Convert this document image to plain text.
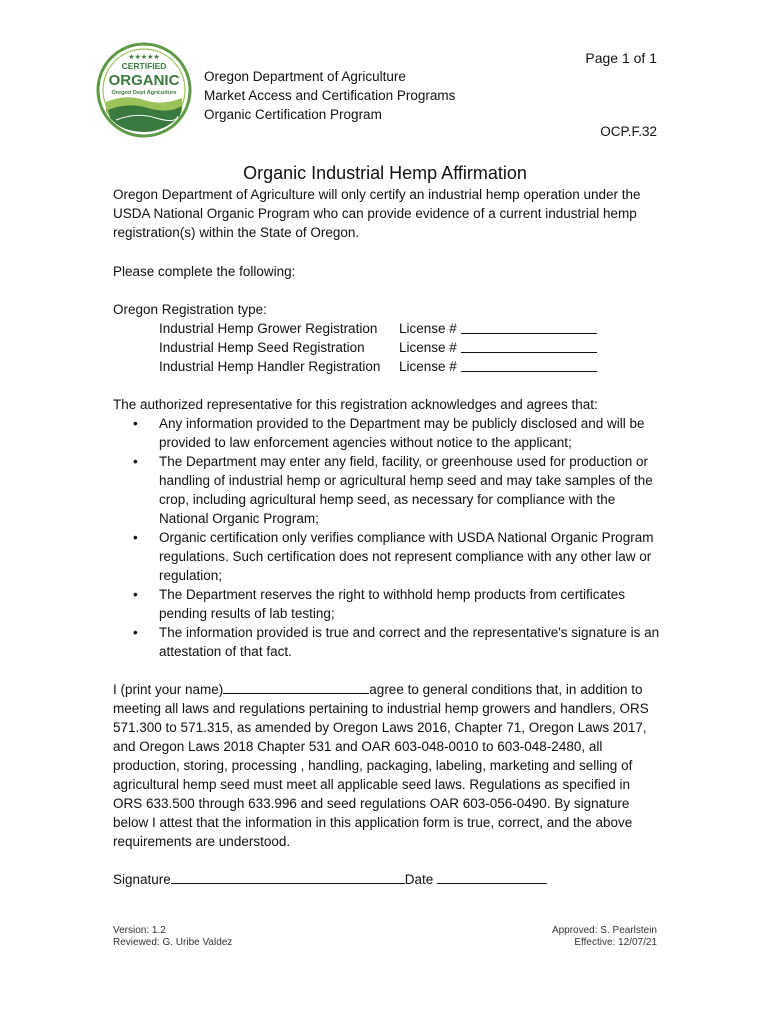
★★★★★
CERTIFIED
ORGANIC
Oregon Dept Agriculture
Page 1 of 1
Oregon Department of Agriculture
Market Access and Certification Programs
Organic Certification Program
OCP.F.32
Organic Industrial Hemp Affirmation

Oregon Department of Agriculture will only certify an industrial hemp operation under the USDA National Organic Program who can provide evidence of a current industrial hemp registration(s) within the State of Oregon.

Please complete the following:

Oregon Registration type:

Industrial Hemp Grower Registration	License #

Industrial Hemp Seed Registration	License #

Industrial Hemp Handler Registration	License #

The authorized representative for this registration acknowledges and agrees that:

• Any information provided to the Department may be publicly disclosed and will be provided to law enforcement agencies without notice to the applicant;
• The Department may enter any field, facility, or greenhouse used for production or handling of industrial hemp or agricultural hemp seed and may take samples of the crop, including agricultural hemp seed, as necessary for compliance with the National Organic Program;
• Organic certification only verifies compliance with USDA National Organic Program regulations. Such certification does not represent compliance with any other law or regulation;
• The Department reserves the right to withhold hemp products from certificates pending results of lab testing;
• The information provided is true and correct and the representative's signature is an attestation of that fact.

I (print your name)	agree to general conditions that, in addition to meeting all laws and regulations pertaining to industrial hemp growers and handlers, ORS 571.300 to 571.315, as amended by Oregon Laws 2016, Chapter 71, Oregon Laws 2017, and Oregon Laws 2018 Chapter 531 and OAR 603-048-0010 to 603-048-2480, all production, storing, processing , handling, packaging, labeling, marketing and selling of agricultural hemp seed must meet all applicable seed laws. Regulations as specified in ORS 633.500 through 633.996 and seed regulations OAR 603-056-0490. By signature below I attest that the information in this application form is true, correct, and the above requirements are understood.

Signature	Date
Version: 1.2
Reviewed: G. Uribe Valdez
Approved: S. Pearlstein
Effective: 12/07/21
